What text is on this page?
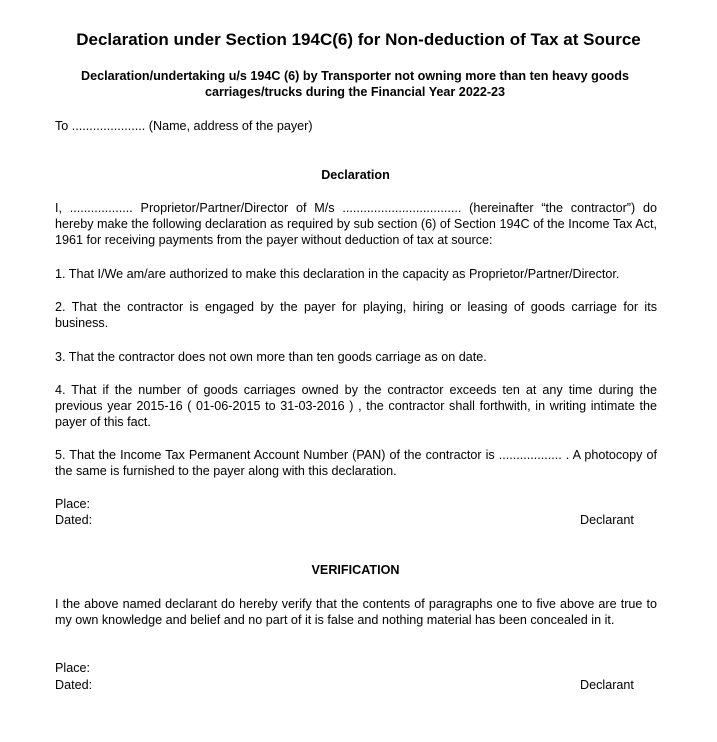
Declaration under Section 194C(6) for Non-deduction of Tax at Source
Declaration/undertaking u/s 194C (6) by Transporter not owning more than ten heavy goods carriages/trucks during the Financial Year 2022-23
To ..................... (Name, address of the payer)
Declaration
I, .................. Proprietor/Partner/Director of M/s .................................. (hereinafter “the contractor”) do hereby make the following declaration as required by sub section (6) of Section 194C of the Income Tax Act, 1961 for receiving payments from the payer without deduction of tax at source:
1. That I/We am/are authorized to make this declaration in the capacity as Proprietor/Partner/Director.
2. That the contractor is engaged by the payer for playing, hiring or leasing of goods carriage for its business.
3. That the contractor does not own more than ten goods carriage as on date.
4. That if the number of goods carriages owned by the contractor exceeds ten at any time during the previous year 2015-16 ( 01-06-2015 to 31-03-2016 ) , the contractor shall forthwith, in writing intimate the payer of this fact.
5. That the Income Tax Permanent Account Number (PAN) of the contractor is .................. . A photocopy of the same is furnished to the payer along with this declaration.
Place:
Dated:	Declarant
VERIFICATION
I the above named declarant do hereby verify that the contents of paragraphs one to five above are true to my own knowledge and belief and no part of it is false and nothing material has been concealed in it.
Place:
Dated:	Declarant
